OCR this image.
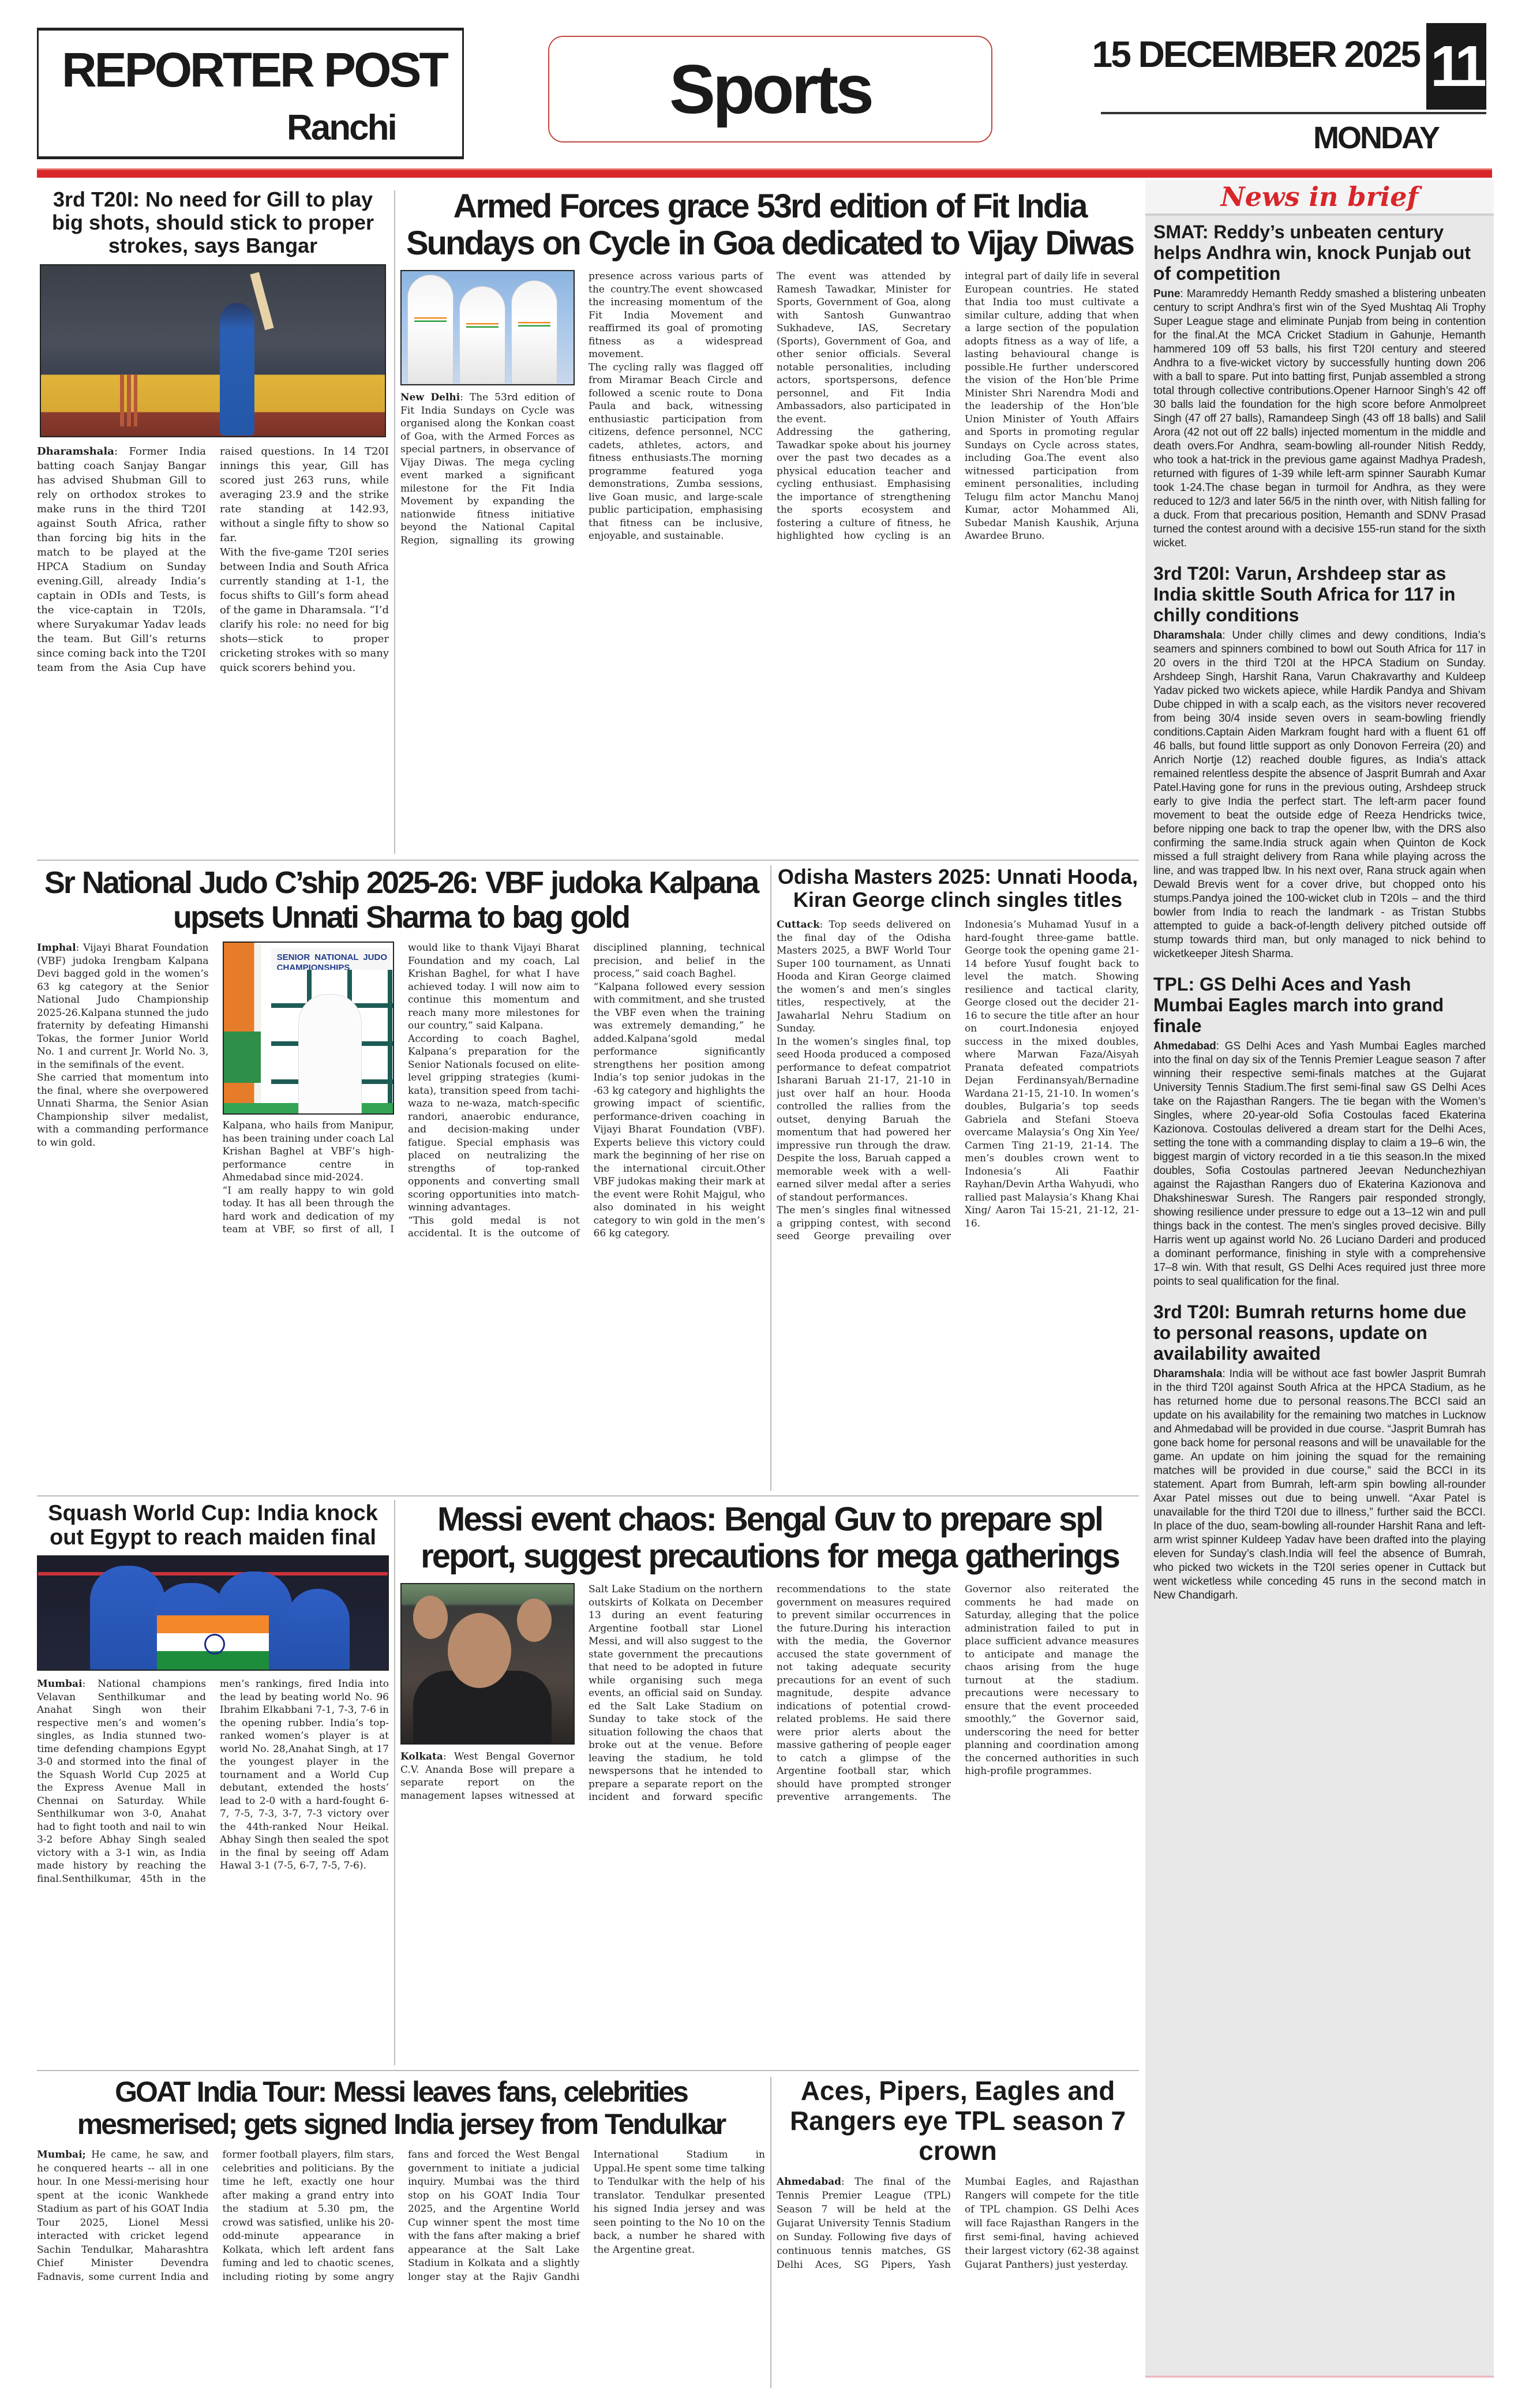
REPORTER POST
Ranchi	Sports	15 DECEMBER 2025 11
MONDAY
3rd T20I: No need for Gill to play big shots, should stick to proper strokes, says Bangar

Dharamshala: Former India batting coach Sanjay Bangar has advised Shubman Gill to rely on orthodox strokes to make runs in the third T20I against South Africa, rather than forcing big hits in the match to be played at the HPCA Stadium on Sunday evening.Gill, already India’s captain in ODIs and Tests, is the vice-captain in T20Is, where Suryakumar Yadav leads the team. But Gill’s returns since coming back into the T20I team from the Asia Cup have raised questions. In 14 T20I innings this year, Gill has scored just 263 runs, while averaging 23.9 and the strike rate standing at 142.93, without a single fifty to show so far.

With the five-game T20I series between India and South Africa currently standing at 1-1, the focus shifts to Gill’s form ahead of the game in Dharamsala. “I’d clarify his role: no need for big shots—stick to proper cricketing strokes with so many quick scorers behind you.

Armed Forces grace 53rd edition of Fit India Sundays on Cycle in Goa dedicated to Vijay Diwas

New Delhi: The 53rd edition of Fit India Sundays on Cycle was organised along the Konkan coast of Goa, with the Armed Forces as special partners, in observance of Vijay Diwas. The mega cycling event marked a significant milestone for the Fit India Movement by expanding the nationwide fitness initiative beyond the National Capital Region, signalling its growing presence across various parts of the country.The event showcased the increasing momentum of the Fit India Movement and reaffirmed its goal of promoting fitness as a widespread movement.

The cycling rally was flagged off from Miramar Beach Circle and followed a scenic route to Dona Paula and back, witnessing enthusiastic participation from citizens, defence personnel, NCC cadets, athletes, actors, and fitness enthusiasts.The morning programme featured yoga demonstrations, Zumba sessions, live Goan music, and large-scale public participation, emphasising that fitness can be inclusive, enjoyable, and sustainable.

The event was attended by Ramesh Tawadkar, Minister for Sports, Government of Goa, along with Santosh Gunwantrao Sukhadeve, IAS, Secretary (Sports), Government of Goa, and other senior officials. Several notable personalities, including actors, sportspersons, defence personnel, and Fit India Ambassadors, also participated in the event.

Addressing the gathering, Tawadkar spoke about his journey over the past two decades as a physical education teacher and cycling enthusiast. Emphasising the importance of strengthening the sports ecosystem and fostering a culture of fitness, he highlighted how cycling is an integral part of daily life in several European countries. He stated that India too must cultivate a similar culture, adding that when a large section of the population adopts fitness as a way of life, a lasting behavioural change is possible.He further underscored the vision of the Hon’ble Prime Minister Shri Narendra Modi and the leadership of the Hon’ble Union Minister of Youth Affairs and Sports in promoting regular Sundays on Cycle across states, including Goa.The event also witnessed participation from eminent personalities, including Telugu film actor Manchu Manoj Kumar, actor Mohammed Ali, Subedar Manish Kaushik, Arjuna Awardee Bruno.

Sr National Judo C’ship 2025-26: VBF judoka Kalpana upsets Unnati Sharma to bag gold

Imphal: Vijayi Bharat Foundation (VBF) judoka Irengbam Kalpana Devi bagged gold in the women’s 63 kg category at the Senior National Judo Championship 2025-26.Kalpana stunned the judo fraternity by defeating Himanshi Tokas, the former Junior World No. 1 and current Jr. World No. 3, in the semifinals of the event.

She carried that momentum into the final, where she overpowered Unnati Sharma, the Senior Asian Championship silver medalist, with a commanding performance to win gold.

SENIOR NATIONAL JUDO CHAMPIONSHIPS

Kalpana, who hails from Manipur, has been training under coach Lal Krishan Baghel at VBF’s high-performance centre in Ahmedabad since mid-2024.

“I am really happy to win gold today. It has all been through the hard work and dedication of my team at VBF, so first of all, I would like to thank Vijayi Bharat Foundation and my coach, Lal Krishan Baghel, for what I have achieved today. I will now aim to continue this momentum and reach many more milestones for our country,” said Kalpana.

According to coach Baghel, Kalpana’s preparation for the Senior Nationals focused on elite-level gripping strategies (kumi-kata), transition speed from tachi-waza to ne-waza, match-specific randori, anaerobic endurance, and decision-making under fatigue. Special emphasis was placed on neutralizing the strengths of top-ranked opponents and converting small scoring opportunities into match-winning advantages.

“This gold medal is not accidental. It is the outcome of disciplined planning, technical precision, and belief in the process,” said coach Baghel.

“Kalpana followed every session with commitment, and she trusted the VBF even when the training was extremely demanding,” he added.Kalpana’sgold medal performance significantly strengthens her position among India’s top senior judokas in the -63 kg category and highlights the growing impact of scientific, performance-driven coaching in Vijayi Bharat Foundation (VBF). Experts believe this victory could mark the beginning of her rise on the international circuit.Other VBF judokas making their mark at the event were Rohit Majgul, who also dominated in his weight category to win gold in the men’s 66 kg category.

Odisha Masters 2025: Unnati Hooda, Kiran George clinch singles titles

Cuttack: Top seeds delivered on the final day of the Odisha Masters 2025, a BWF World Tour Super 100 tournament, as Unnati Hooda and Kiran George claimed the women’s and men’s singles titles, respectively, at the Jawaharlal Nehru Stadium on Sunday.

In the women’s singles final, top seed Hooda produced a composed performance to defeat compatriot Isharani Baruah 21-17, 21-10 in just over half an hour. Hooda controlled the rallies from the outset, denying Baruah the momentum that had powered her impressive run through the draw. Despite the loss, Baruah capped a memorable week with a well-earned silver medal after a series of standout performances.

The men’s singles final witnessed a gripping contest, with second seed George prevailing over Indonesia’s Muhamad Yusuf in a hard-fought three-game battle. George took the opening game 21-14 before Yusuf fought back to level the match. Showing resilience and tactical clarity, George closed out the decider 21-16 to secure the title after an hour on court.Indonesia enjoyed success in the mixed doubles, where Marwan Faza/Aisyah Pranata defeated compatriots Dejan Ferdinansyah/Bernadine Wardana 21-15, 21-10. In women’s doubles, Bulgaria’s top seeds Gabriela and Stefani Stoeva overcame Malaysia’s Ong Xin Yee/ Carmen Ting 21-19, 21-14. The men’s doubles crown went to Indonesia’s Ali Faathir Rayhan/Devin Artha Wahyudi, who rallied past Malaysia’s Khang Khai Xing/ Aaron Tai 15-21, 21-12, 21-16.

Squash World Cup: India knock out Egypt to reach maiden final

Mumbai: National champions Velavan Senthilkumar and Anahat Singh won their respective men’s and women’s singles, as India stunned two-time defending champions Egypt 3-0 and stormed into the final of the Squash World Cup 2025 at the Express Avenue Mall in Chennai on Saturday. While Senthilkumar won 3-0, Anahat had to fight tooth and nail to win 3-2 before Abhay Singh sealed victory with a 3-1 win, as India made history by reaching the final.Senthilkumar, 45th in the men’s rankings, fired India into the lead by beating world No. 96 Ibrahim Elkabbani 7-1, 7-3, 7-6 in the opening rubber. India’s top-ranked women’s player is at world No. 28,Anahat Singh, at 17 the youngest player in the tournament and a World Cup debutant, extended the hosts’ lead to 2-0 with a hard-fought 6-7, 7-5, 7-3, 3-7, 7-3 victory over the 44th-ranked Nour Heikal. Abhay Singh then sealed the spot in the final by seeing off Adam Hawal 3-1 (7-5, 6-7, 7-5, 7-6).

Messi event chaos: Bengal Guv to prepare spl report, suggest precautions for mega gatherings

Kolkata: West Bengal Governor C.V. Ananda Bose will prepare a separate report on the management lapses witnessed at Salt Lake Stadium on the northern outskirts of Kolkata on December 13 during an event featuring Argentine football star Lionel Messi, and will also suggest to the state government the precautions that need to be adopted in future while organising such mega events, an official said on Sunday. ed the Salt Lake Stadium on Sunday to take stock of the situation following the chaos that broke out at the venue. Before leaving the stadium, he told newspersons that he intended to prepare a separate report on the incident and forward specific recommendations to the state government on measures required to prevent similar occurrences in the future.During his interaction with the media, the Governor accused the state government of not taking adequate security precautions for an event of such magnitude, despite advance indications of potential crowd-related problems. He said there were prior alerts about the massive gathering of people eager to catch a glimpse of the Argentine football star, which should have prompted stronger preventive arrangements. The Governor also reiterated the comments he had made on Saturday, alleging that the police administration failed to put in place sufficient advance measures to anticipate and manage the chaos arising from the huge turnout at the stadium. precautions were necessary to ensure that the event proceeded smoothly,” the Governor said, underscoring the need for better planning and coordination among the concerned authorities in such high-profile programmes.

GOAT India Tour: Messi leaves fans, celebrities mesmerised; gets signed India jersey from Tendulkar

Mumbai; He came, he saw, and he conquered hearts -- all in one hour. In one Messi-merising hour spent at the iconic Wankhede Stadium as part of his GOAT India Tour 2025, Lionel Messi interacted with cricket legend Sachin Tendulkar, Maharashtra Chief Minister Devendra Fadnavis, some current India and former football players, film stars, celebrities and politicians. By the time he left, exactly one hour after making a grand entry into the stadium at 5.30 pm, the crowd was satisfied, unlike his 20-odd-minute appearance in Kolkata, which left ardent fans fuming and led to chaotic scenes, including rioting by some angry fans and forced the West Bengal government to initiate a judicial inquiry. Mumbai was the third stop on his GOAT India Tour 2025, and the Argentine World Cup winner spent the most time with the fans after making a brief appearance at the Salt Lake Stadium in Kolkata and a slightly longer stay at the Rajiv Gandhi International Stadium in Uppal.He spent some time talking to Tendulkar with the help of his translator. Tendulkar presented his signed India jersey and was seen pointing to the No 10 on the back, a number he shared with the Argentine great.

Aces, Pipers, Eagles and Rangers eye TPL season 7 crown

Ahmedabad: The final of the Tennis Premier League (TPL) Season 7 will be held at the Gujarat University Tennis Stadium on Sunday. Following five days of continuous tennis matches, GS Delhi Aces, SG Pipers, Yash Mumbai Eagles, and Rajasthan Rangers will compete for the title of TPL champion. GS Delhi Aces will face Rajasthan Rangers in the first semi-final, having achieved their largest victory (62-38 against Gujarat Panthers) just yesterday.

News in brief
SMAT: Reddy’s unbeaten century helps Andhra win, knock Punjab out of competition
Pune: Maramreddy Hemanth Reddy smashed a blistering unbeaten century to script Andhra’s first win of the Syed Mushtaq Ali Trophy Super League stage and eliminate Punjab from being in contention for the final.At the MCA Cricket Stadium in Gahunje, Hemanth hammered 109 off 53 balls, his first T20I century and steered Andhra to a five-wicket victory by successfully hunting down 206 with a ball to spare. Put into batting first, Punjab assembled a strong total through collective contributions.Opener Harnoor Singh’s 42 off 30 balls laid the foundation for the high score before Anmolpreet Singh (47 off 27 balls), Ramandeep Singh (43 off 18 balls) and Salil Arora (42 not out off 22 balls) injected momentum in the middle and death overs.For Andhra, seam-bowling all-rounder Nitish Reddy, who took a hat-trick in the previous game against Madhya Pradesh, returned with figures of 1-39 while left-arm spinner Saurabh Kumar took 1-24.The chase began in turmoil for Andhra, as they were reduced to 12/3 and later 56/5 in the ninth over, with Nitish falling for a duck. From that precarious position, Hemanth and SDNV Prasad turned the contest around with a decisive 155-run stand for the sixth wicket.
3rd T20I: Varun, Arshdeep star as India skittle South Africa for 117 in chilly conditions
Dharamshala: Under chilly climes and dewy conditions, India’s seamers and spinners combined to bowl out South Africa for 117 in 20 overs in the third T20I at the HPCA Stadium on Sunday. Arshdeep Singh, Harshit Rana, Varun Chakravarthy and Kuldeep Yadav picked two wickets apiece, while Hardik Pandya and Shivam Dube chipped in with a scalp each, as the visitors never recovered from being 30/4 inside seven overs in seam-bowling friendly conditions.Captain Aiden Markram fought hard with a fluent 61 off 46 balls, but found little support as only Donovon Ferreira (20) and Anrich Nortje (12) reached double figures, as India’s attack remained relentless despite the absence of Jasprit Bumrah and Axar Patel.Having gone for runs in the previous outing, Arshdeep struck early to give India the perfect start. The left-arm pacer found movement to beat the outside edge of Reeza Hendricks twice, before nipping one back to trap the opener lbw, with the DRS also confirming the same.India struck again when Quinton de Kock missed a full straight delivery from Rana while playing across the line, and was trapped lbw. In his next over, Rana struck again when Dewald Brevis went for a cover drive, but chopped onto his stumps.Pandya joined the 100-wicket club in T20Is – and the third bowler from India to reach the landmark - as Tristan Stubbs attempted to guide a back-of-length delivery pitched outside off stump towards third man, but only managed to nick behind to wicketkeeper Jitesh Sharma.
TPL: GS Delhi Aces and Yash Mumbai Eagles march into grand finale
Ahmedabad: GS Delhi Aces and Yash Mumbai Eagles marched into the final on day six of the Tennis Premier League season 7 after winning their respective semi-finals matches at the Gujarat University Tennis Stadium.The first semi-final saw GS Delhi Aces take on the Rajasthan Rangers. The tie began with the Women’s Singles, where 20-year-old Sofia Costoulas faced Ekaterina Kazionova. Costoulas delivered a dream start for the Delhi Aces, setting the tone with a commanding display to claim a 19–6 win, the biggest margin of victory recorded in a tie this season.In the mixed doubles, Sofia Costoulas partnered Jeevan Nedunchezhiyan against the Rajasthan Rangers duo of Ekaterina Kazionova and Dhakshineswar Suresh. The Rangers pair responded strongly, showing resilience under pressure to edge out a 13–12 win and pull things back in the contest. The men’s singles proved decisive. Billy Harris went up against world No. 26 Luciano Darderi and produced a dominant performance, finishing in style with a comprehensive 17–8 win. With that result, GS Delhi Aces required just three more points to seal qualification for the final.
3rd T20I: Bumrah returns home due to personal reasons, update on availability awaited
Dharamshala: India will be without ace fast bowler Jasprit Bumrah in the third T20I against South Africa at the HPCA Stadium, as he has returned home due to personal reasons.The BCCI said an update on his availability for the remaining two matches in Lucknow and Ahmedabad will be provided in due course. “Jasprit Bumrah has gone back home for personal reasons and will be unavailable for the game. An update on him joining the squad for the remaining matches will be provided in due course,” said the BCCI in its statement. Apart from Bumrah, left-arm spin bowling all-rounder Axar Patel misses out due to being unwell. “Axar Patel is unavailable for the third T20I due to illness,” further said the BCCI. In place of the duo, seam-bowling all-rounder Harshit Rana and left-arm wrist spinner Kuldeep Yadav have been drafted into the playing eleven for Sunday’s clash.India will feel the absence of Bumrah, who picked two wickets in the T20I series opener in Cuttack but went wicketless while conceding 45 runs in the second match in New Chandigarh.
